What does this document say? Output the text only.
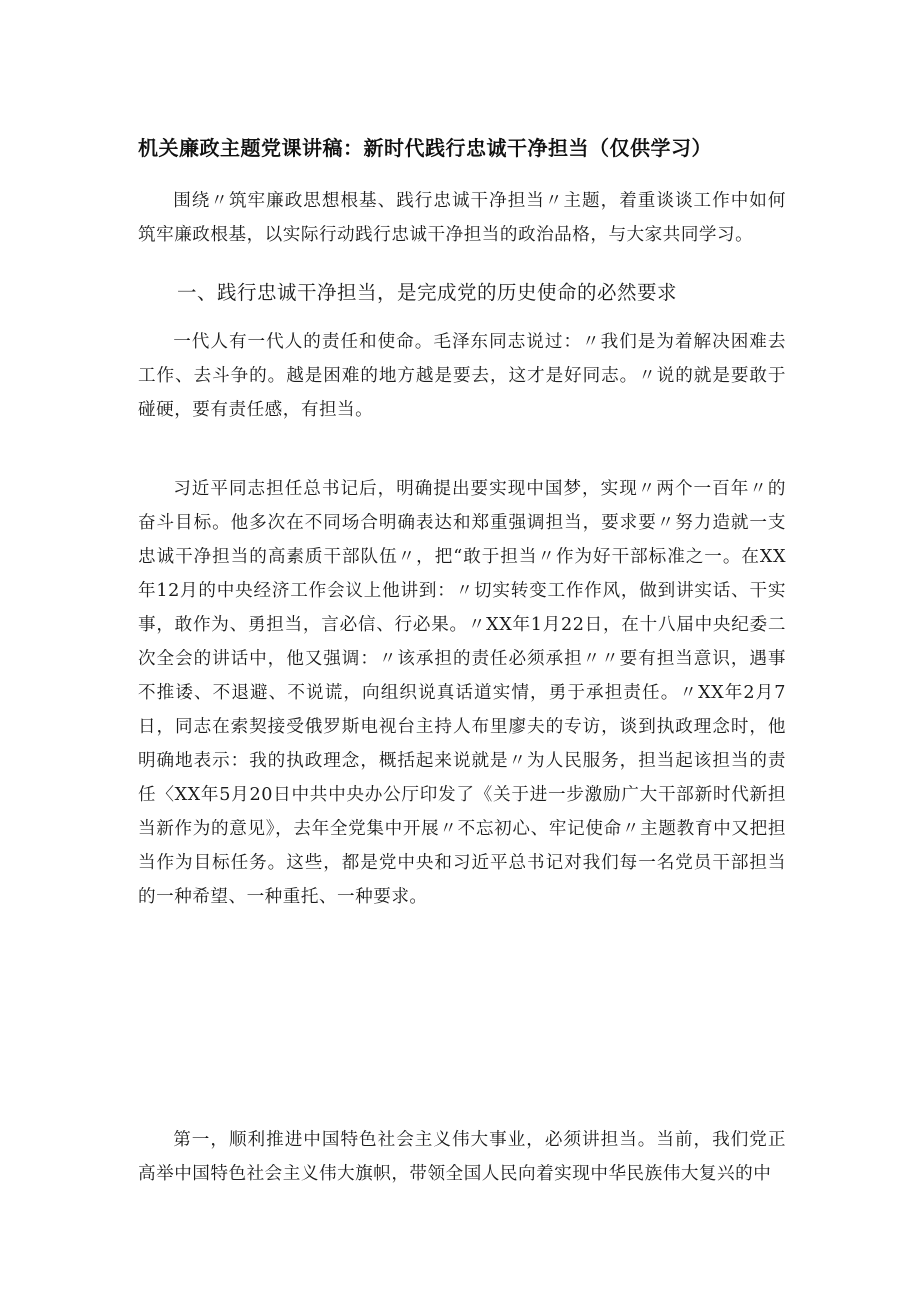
机关廉政主题党课讲稿：新时代践行忠诚干净担当（仅供学习）
围绕〃筑牢廉政思想根基、践行忠诚干净担当〃主题，着重谈谈工作中如何筑牢廉政根基，以实际行动践行忠诚干净担当的政治品格，与大家共同学习。
一、践行忠诚干净担当，是完成党的历史使命的必然要求
一代人有一代人的责任和使命。毛泽东同志说过：〃我们是为着解决困难去工作、去斗争的。越是困难的地方越是要去，这才是好同志。〃说的就是要敢于碰硬，要有责任感，有担当。
习近平同志担任总书记后，明确提出要实现中国梦，实现〃两个一百年〃的奋斗目标。他多次在不同场合明确表达和郑重强调担当，要求要〃努力造就一支忠诚干净担当的高素质干部队伍〃，把“敢于担当〃作为好干部标准之一。在XX年12月的中央经济工作会议上他讲到：〃切实转变工作作风，做到讲实话、干实事，敢作为、勇担当，言必信、行必果。〃XX年1月22日，在十八届中央纪委二次全会的讲话中，他又强调：〃该承担的责任必须承担〃〃要有担当意识，遇事不推诿、不退避、不说谎，向组织说真话道实情，勇于承担责任。〃XX年2月7日，同志在索契接受俄罗斯电视台主持人布里廖夫的专访，谈到执政理念时，他明确地表示：我的执政理念，概括起来说就是〃为人民服务，担当起该担当的责任〈XX年5月20日中共中央办公厅印发了《关于进一步激励广大干部新时代新担当新作为的意见》，去年全党集中开展〃不忘初心、牢记使命〃主题教育中又把担当作为目标任务。这些，都是党中央和习近平总书记对我们每一名党员干部担当的一种希望、一种重托、一种要求。
第一，顺利推进中国特色社会主义伟大事业，必须讲担当。当前，我们党正高举中国特色社会主义伟大旗帜，带领全国人民向着实现中华民族伟大复兴的中
